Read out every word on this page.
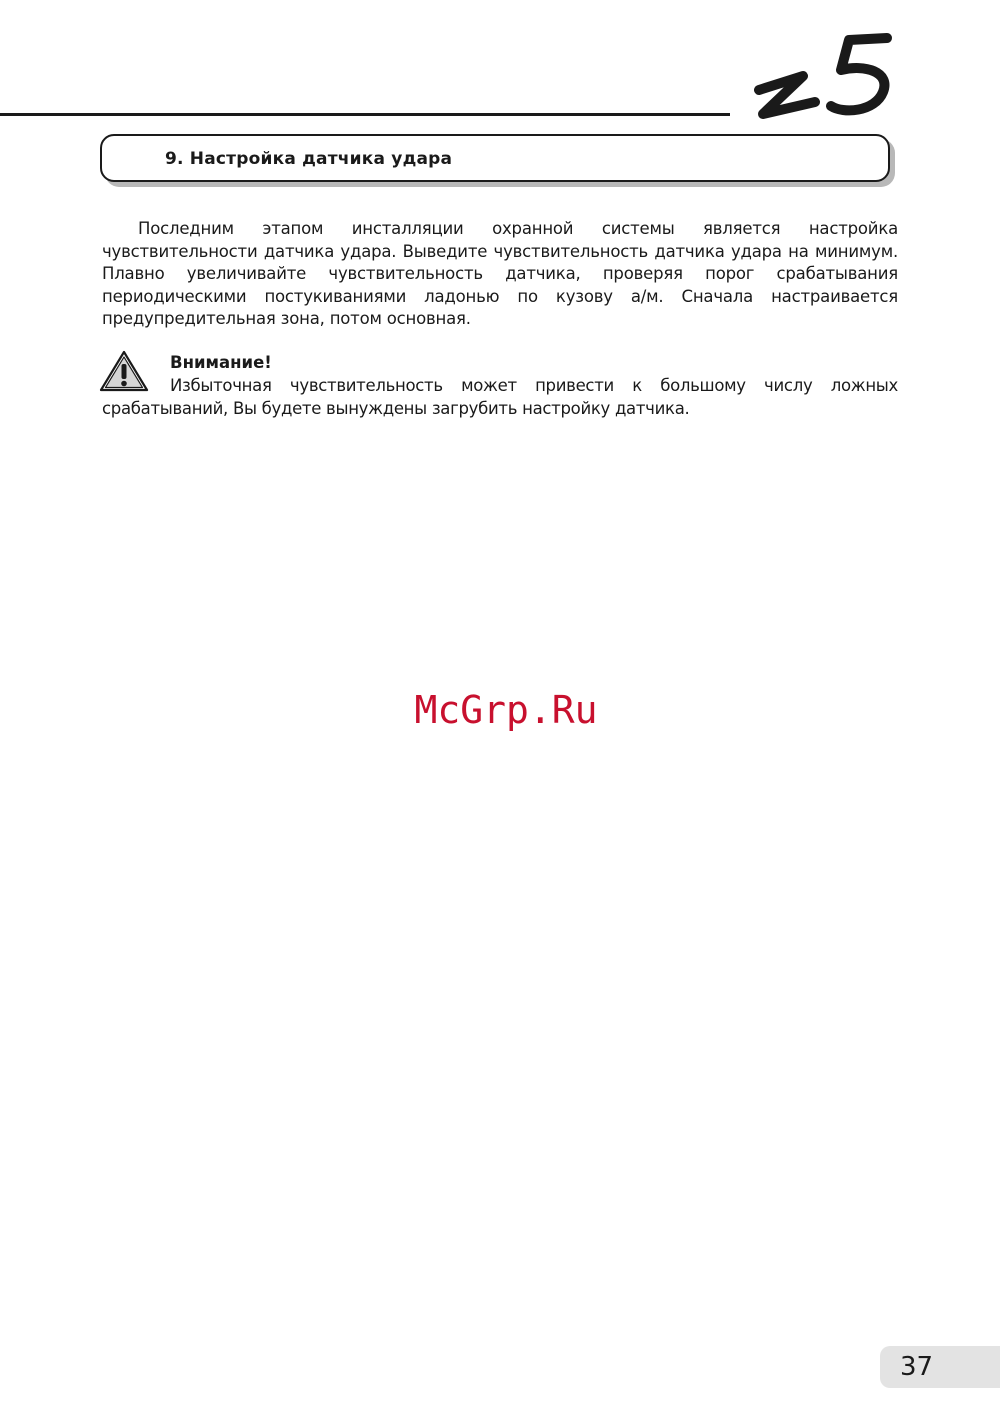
9. Настройка датчика удара

Последним этапом инсталляции охранной системы является настройка чувствительности датчика удара. Выведите чувствительность датчика удара на минимум. Плавно увеличивайте чувствительность датчика, проверяя порог срабатывания периодическими постукиваниями ладонью по кузову а/м. Сначала настраивается предупредительная зона, потом основная.

Внимание!

Избыточная чувствительность может привести к большому числу ложных срабатываний, Вы будете вынуждены загрубить настройку датчика.

McGrp.Ru
37
